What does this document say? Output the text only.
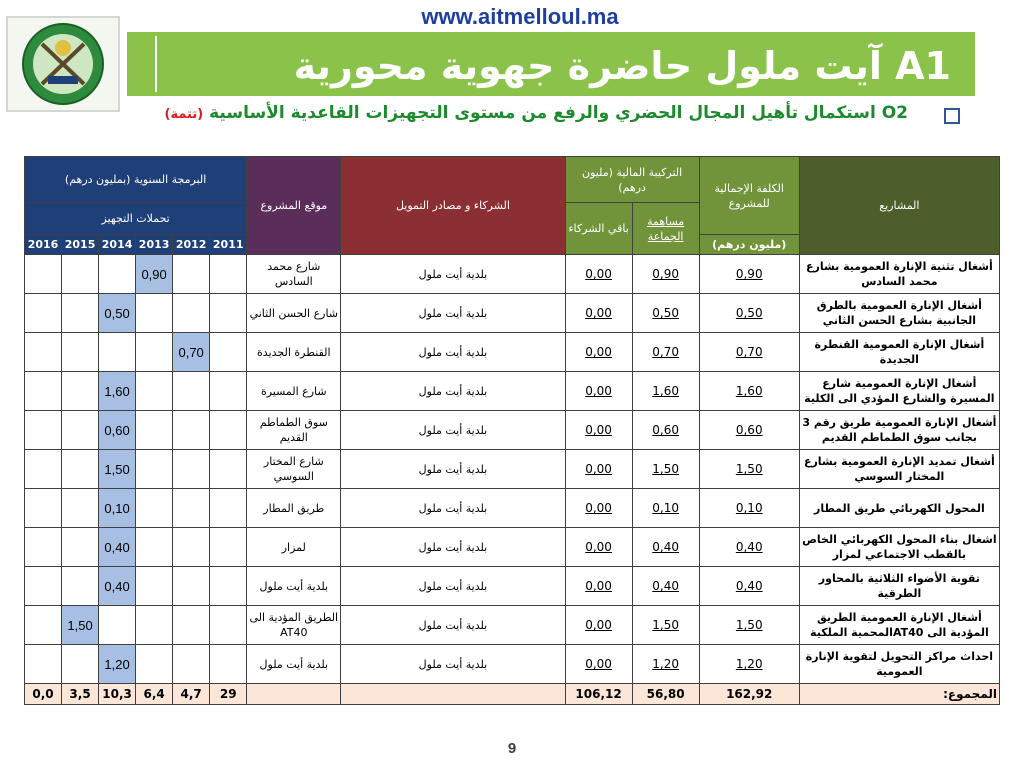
www.aitmelloul.ma
A1 آيت ملول حاضرة جهوية محورية
O2 استكمال تأهيل المجال الحضري والرفع من مستوى التجهيزات القاعدية الأساسية (تتمة)
البرمجة السنوية (بمليون درهم)						موقع المشروع	الشركاء و مصادر التمويل	التركيبة المالية (مليون درهم)		الكلفة الإجمالية للمشروع	المشاريع
تحملات التجهيز								باقي الشركاء	مساهمة الجماعة		
2016	2015	2014	2013	2012	2011					(مليون درهم)	
			0,90			شارع محمد السادس	بلدية أيت ملول	0,00	0,90	0,90	أشغال تثنية الإنارة العمومية بشارع محمد السادس
		0,50				شارع الحسن الثاني	بلدية أيت ملول	0,00	0,50	0,50	أشغال الإنارة العمومية بالطرق الجانبية بشارع الحسن الثاني
				0,70		القنطرة الجديدة	بلدية أيت ملول	0,00	0,70	0,70	أشغال الإنارة العمومية القنطرة الجديدة
		1,60				شارع المسيرة	بلدية أيت ملول	0,00	1,60	1,60	أشغال الإنارة العمومية شارع المسيرة والشارع المؤدي الى الكلية
		0,60				سوق الطماطم القديم	بلدية أيت ملول	0,00	0,60	0,60	أشغال الإنارة العمومية طريق رقم 3 بجانب سوق الطماطم القديم
		1,50				شارع المختار السوسي	بلدية أيت ملول	0,00	1,50	1,50	أشغال تمديد الإنارة العمومية بشارع المختار السوسي
		0,10				طريق المطار	بلدية أيت ملول	0,00	0,10	0,10	المحول الكهربائي طريق المطار
		0,40				لمزار	بلدية أيت ملول	0,00	0,40	0,40	اشغال بناء المحول الكهربائي الخاص بالقطب الاجتماعي لمزار
		0,40				بلدية أيت ملول	بلدية أيت ملول	0,00	0,40	0,40	تقوية الأضواء الثلاثية بالمحاور الطرقية
	1,50					الطريق المؤدية الى AT40	بلدية أيت ملول	0,00	1,50	1,50	أشغال الإنارة العمومية الطريق المؤدية الى AT40المحمية الملكية
		1,20				بلدية أيت ملول	بلدية أيت ملول	0,00	1,20	1,20	احداث مراكز التحويل لتقوية الإنارة العمومية
0,0	3,5	10,3	6,4	4,7	29			106,12	56,80	162,92	المجموع:
9
